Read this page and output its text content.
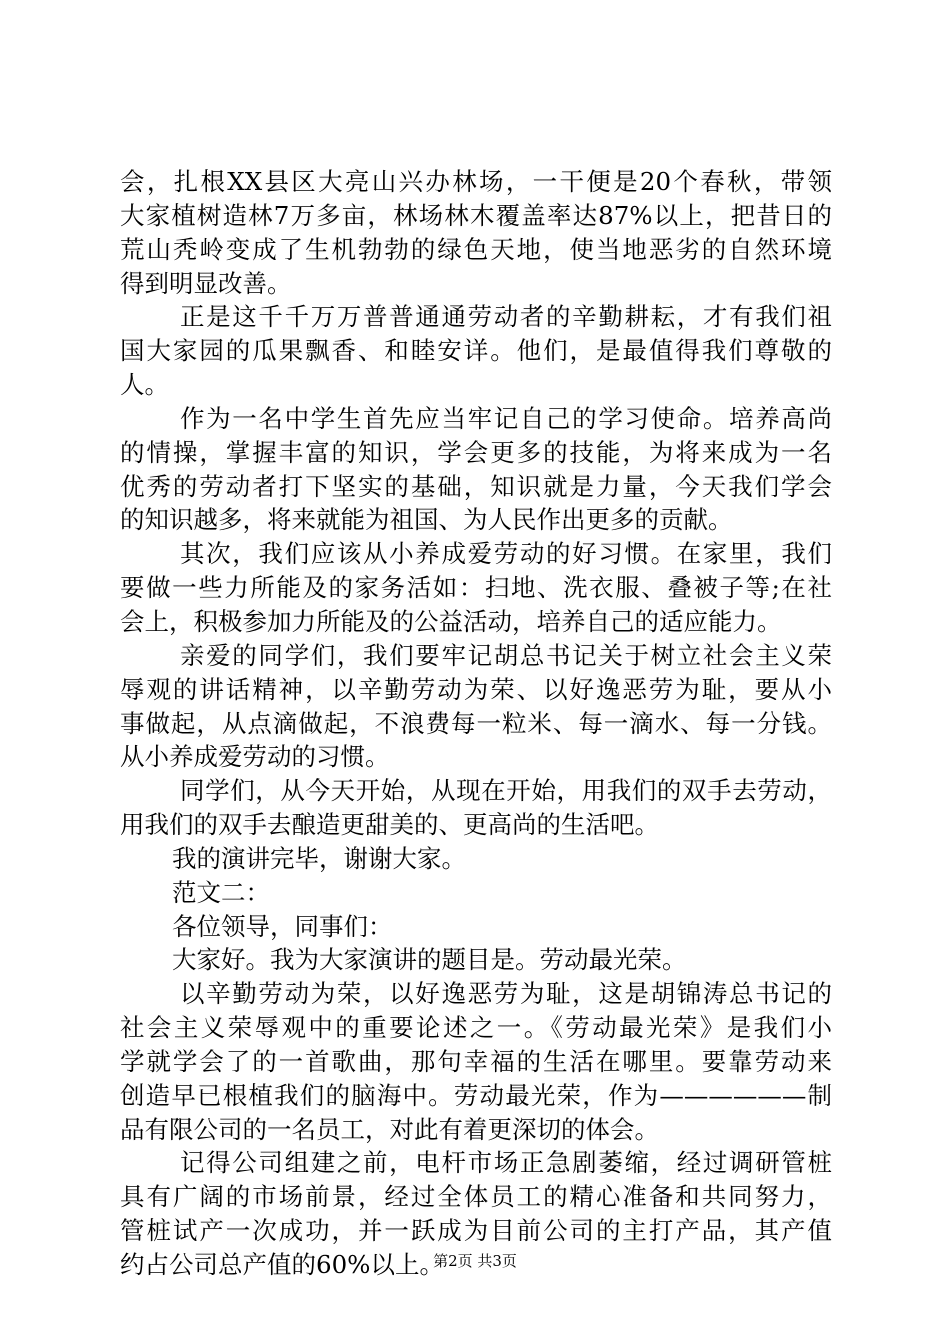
会，扎根XX县区大亮山兴办林场，一干便是20个春秋，带领
大家植树造林7万多亩，林场林木覆盖率达87%以上，把昔日的
荒山秃岭变成了生机勃勃的绿色天地，使当地恶劣的自然环境
得到明显改善。
正是这千千万万普普通通劳动者的辛勤耕耘，才有我们祖
国大家园的瓜果飘香、和睦安详。他们，是最值得我们尊敬的
人。
作为一名中学生首先应当牢记自己的学习使命。培养高尚
的情操，掌握丰富的知识，学会更多的技能，为将来成为一名
优秀的劳动者打下坚实的基础，知识就是力量，今天我们学会
的知识越多，将来就能为祖国、为人民作出更多的贡献。
其次，我们应该从小养成爱劳动的好习惯。在家里，我们
要做一些力所能及的家务活如：扫地、洗衣服、叠被子等;在社
会上，积极参加力所能及的公益活动，培养自己的适应能力。
亲爱的同学们，我们要牢记胡总书记关于树立社会主义荣
辱观的讲话精神，以辛勤劳动为荣、以好逸恶劳为耻，要从小
事做起，从点滴做起，不浪费每一粒米、每一滴水、每一分钱。
从小养成爱劳动的习惯。
同学们，从今天开始，从现在开始，用我们的双手去劳动，
用我们的双手去酿造更甜美的、更高尚的生活吧。
我的演讲完毕，谢谢大家。
范文二：
各位领导，同事们：
大家好。我为大家演讲的题目是。劳动最光荣。
以辛勤劳动为荣，以好逸恶劳为耻，这是胡锦涛总书记的
社会主义荣辱观中的重要论述之一。《劳动最光荣》是我们小
学就学会了的一首歌曲，那句幸福的生活在哪里。要靠劳动来
创造早已根植我们的脑海中。劳动最光荣，作为——————制
品有限公司的一名员工，对此有着更深切的体会。
记得公司组建之前，电杆市场正急剧萎缩，经过调研管桩
具有广阔的市场前景，经过全体员工的精心准备和共同努力，
管桩试产一次成功，并一跃成为目前公司的主打产品，其产值
约占公司总产值的60%以上。
第2页 共3页
